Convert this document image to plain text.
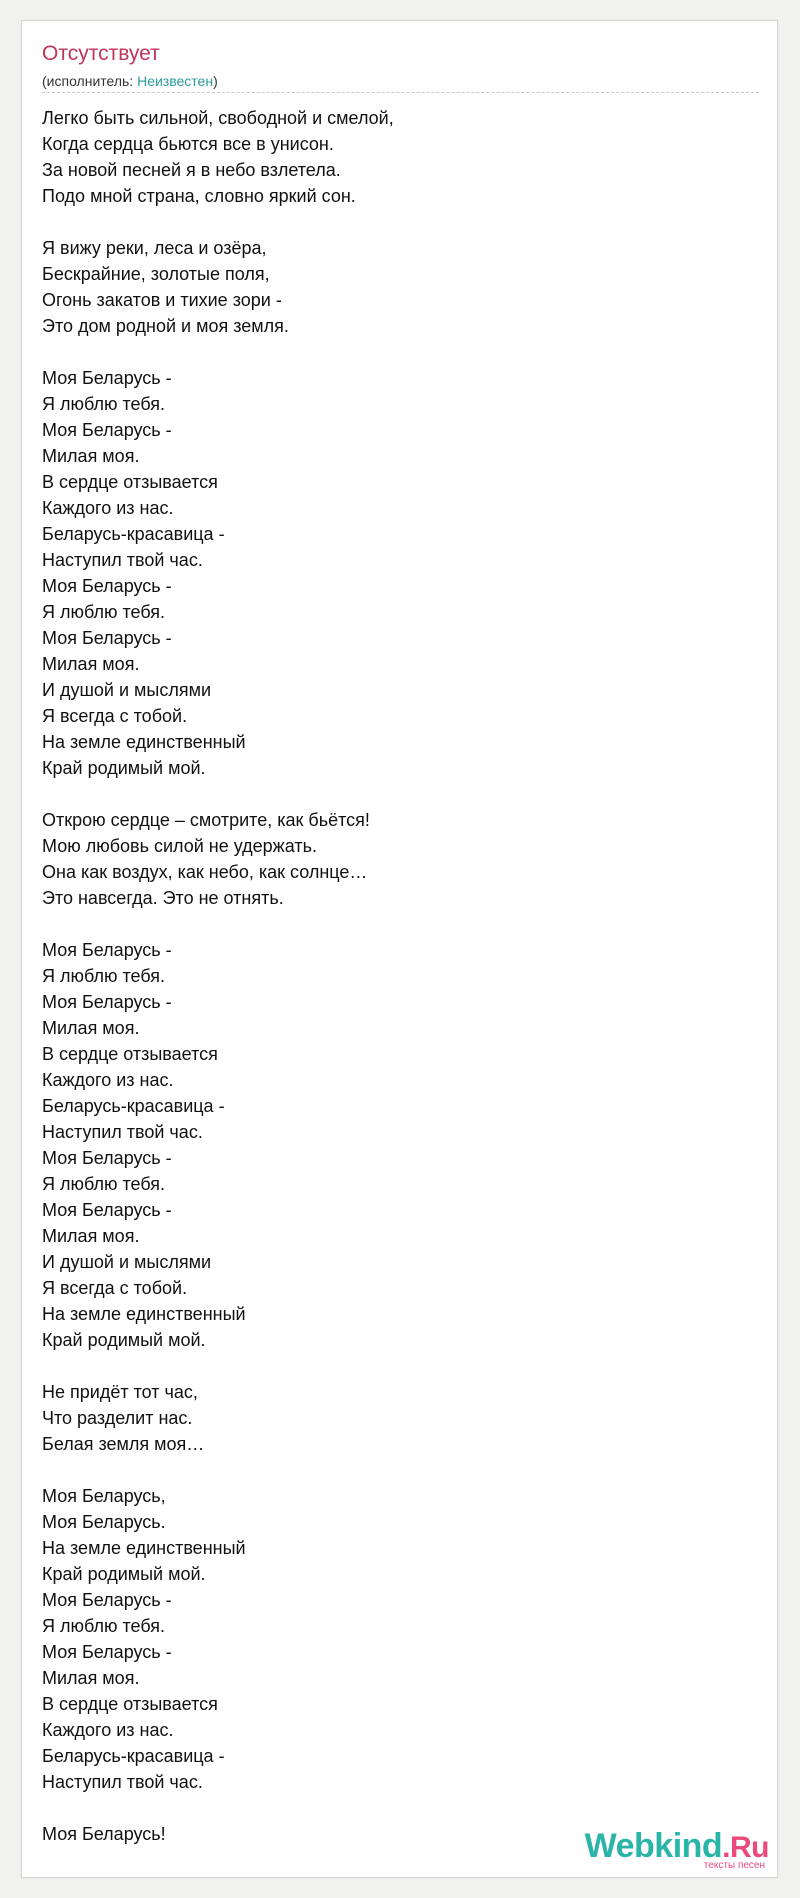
Отсутствует
(исполнитель: Неизвестен)
Легко быть сильной, свободной и смелой,
Когда сердца бьются все в унисон.
За новой песней я в небо взлетела.
Подо мной страна, словно яркий сон.
Я вижу реки, леса и озёра,
Бескрайние, золотые поля,
Огонь закатов и тихие зори -
Это дом родной и моя земля.
Моя Беларусь -
Я люблю тебя.
Моя Беларусь -
Милая моя.
В сердце отзывается
Каждого из нас.
Беларусь-красавица -
Наступил твой час.
Моя Беларусь -
Я люблю тебя.
Моя Беларусь -
Милая моя.
И душой и мыслями
Я всегда с тобой.
На земле единственный
Край родимый мой.
Открою сердце – смотрите, как бьётся!
Мою любовь силой не удержать.
Она как воздух, как небо, как солнце…
Это навсегда. Это не отнять.
Моя Беларусь -
Я люблю тебя.
Моя Беларусь -
Милая моя.
В сердце отзывается
Каждого из нас.
Беларусь-красавица -
Наступил твой час.
Моя Беларусь -
Я люблю тебя.
Моя Беларусь -
Милая моя.
И душой и мыслями
Я всегда с тобой.
На земле единственный
Край родимый мой.
Не придёт тот час,
Что разделит нас.
Белая земля моя…
Моя Беларусь,
Моя Беларусь.
На земле единственный
Край родимый мой.
Моя Беларусь -
Я люблю тебя.
Моя Беларусь -
Милая моя.
В сердце отзывается
Каждого из нас.
Беларусь-красавица -
Наступил твой час.
Моя Беларусь!	Webkind.Ru
тексты песен
